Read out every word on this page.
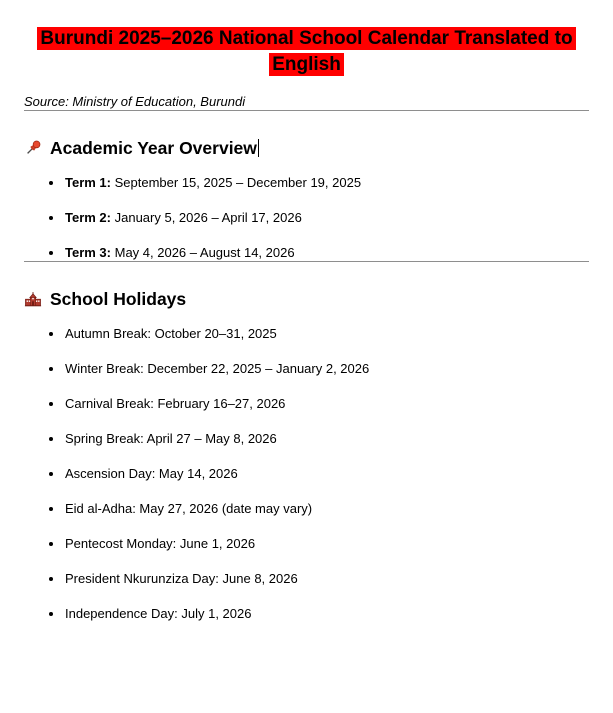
Burundi 2025–2026 National School Calendar Translated to English

Source: Ministry of Education, Burundi

Academic Year Overview
Term 1: September 15, 2025 – December 19, 2025
Term 2: January 5, 2026 – April 17, 2026
Term 3: May 4, 2026 – August 14, 2026
School Holidays
Autumn Break: October 20–31, 2025
Winter Break: December 22, 2025 – January 2, 2026
Carnival Break: February 16–27, 2026
Spring Break: April 27 – May 8, 2026
Ascension Day: May 14, 2026
Eid al-Adha: May 27, 2026 (date may vary)
Pentecost Monday: June 1, 2026
President Nkurunziza Day: June 8, 2026
Independence Day: July 1, 2026
